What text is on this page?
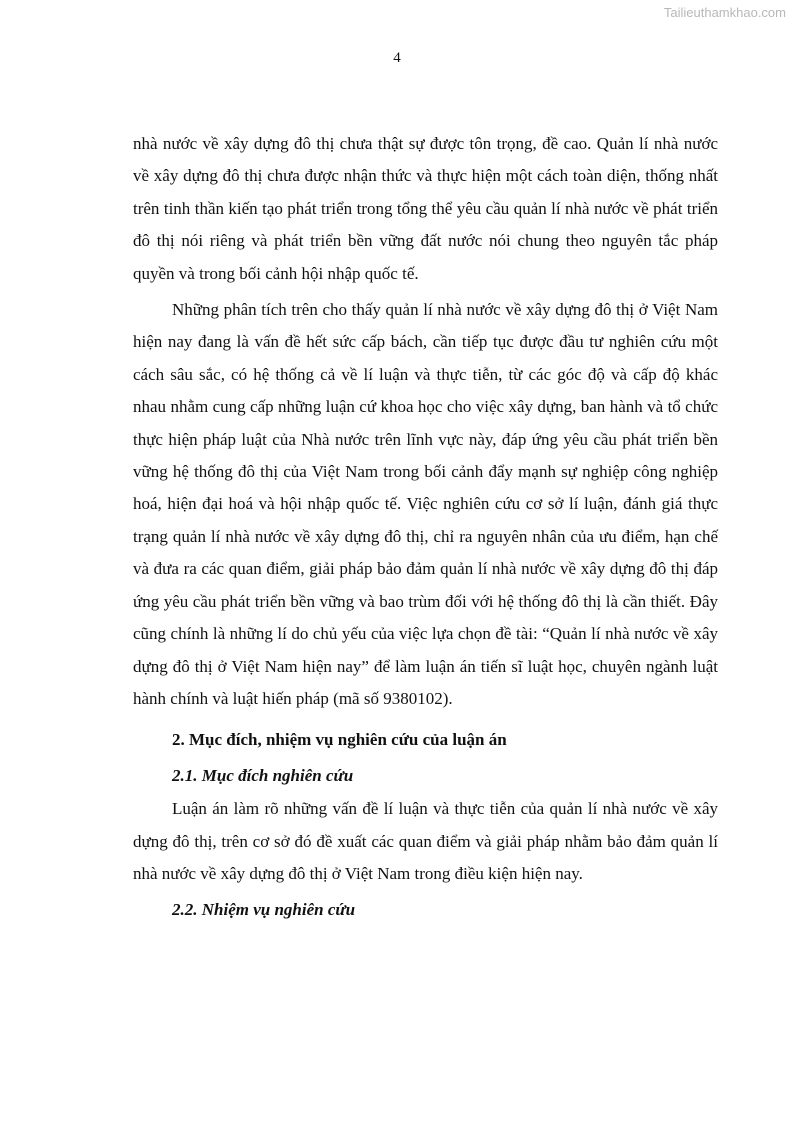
Tailieuthamkhao.com
4

nhà nước về xây dựng đô thị chưa thật sự được tôn trọng, đề cao. Quản lí nhà nước về xây dựng đô thị chưa được nhận thức và thực hiện một cách toàn diện, thống nhất trên tinh thần kiến tạo phát triển trong tổng thể yêu cầu quản lí nhà nước về phát triển đô thị nói riêng và phát triển bền vững đất nước nói chung theo nguyên tắc pháp quyền và trong bối cảnh hội nhập quốc tế.

Những phân tích trên cho thấy quản lí nhà nước về xây dựng đô thị ở Việt Nam hiện nay đang là vấn đề hết sức cấp bách, cần tiếp tục được đầu tư nghiên cứu một cách sâu sắc, có hệ thống cả về lí luận và thực tiễn, từ các góc độ và cấp độ khác nhau nhằm cung cấp những luận cứ khoa học cho việc xây dựng, ban hành và tổ chức thực hiện pháp luật của Nhà nước trên lĩnh vực này, đáp ứng yêu cầu phát triển bền vững hệ thống đô thị của Việt Nam trong bối cảnh đẩy mạnh sự nghiệp công nghiệp hoá, hiện đại hoá và hội nhập quốc tế. Việc nghiên cứu cơ sở lí luận, đánh giá thực trạng quản lí nhà nước về xây dựng đô thị, chỉ ra nguyên nhân của ưu điểm, hạn chế và đưa ra các quan điểm, giải pháp bảo đảm quản lí nhà nước về xây dựng đô thị đáp ứng yêu cầu phát triển bền vững và bao trùm đối với hệ thống đô thị là cần thiết. Đây cũng chính là những lí do chủ yếu của việc lựa chọn đề tài: “Quản lí nhà nước về xây dựng đô thị ở Việt Nam hiện nay” để làm luận án tiến sĩ luật học, chuyên ngành luật hành chính và luật hiến pháp (mã số 9380102).

2. Mục đích, nhiệm vụ nghiên cứu của luận án
2.1. Mục đích nghiên cứu

Luận án làm rõ những vấn đề lí luận và thực tiễn của quản lí nhà nước về xây dựng đô thị, trên cơ sở đó đề xuất các quan điểm và giải pháp nhằm bảo đảm quản lí nhà nước về xây dựng đô thị ở Việt Nam trong điều kiện hiện nay.

2.2. Nhiệm vụ nghiên cứu
